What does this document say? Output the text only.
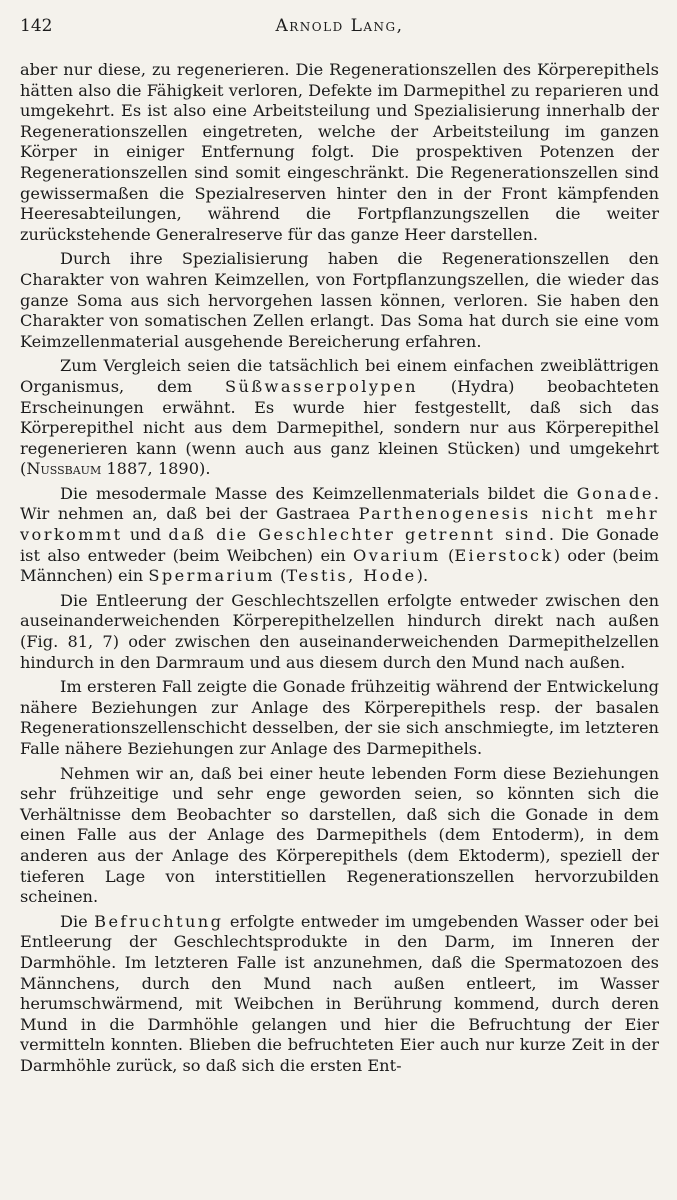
142	Arnold Lang,

aber nur diese, zu regenerieren. Die Regenerationszellen des Körperepithels hätten also die Fähigkeit verloren, Defekte im Darmepithel zu reparieren und umgekehrt. Es ist also eine Arbeitsteilung und Spezialisierung innerhalb der Regenerationszellen eingetreten, welche der Arbeitsteilung im ganzen Körper in einiger Entfernung folgt. Die prospektiven Potenzen der Regenerationszellen sind somit eingeschränkt. Die Regenerationszellen sind gewissermaßen die Spezialreserven hinter den in der Front kämpfenden Heeresabteilungen, während die Fortpflanzungszellen die weiter zurückstehende Generalreserve für das ganze Heer darstellen.

Durch ihre Spezialisierung haben die Regenerationszellen den Charakter von wahren Keimzellen, von Fortpflanzungszellen, die wieder das ganze Soma aus sich hervorgehen lassen können, verloren. Sie haben den Charakter von somatischen Zellen erlangt. Das Soma hat durch sie eine vom Keimzellenmaterial ausgehende Bereicherung erfahren.

Zum Vergleich seien die tatsächlich bei einem einfachen zweiblättrigen Organismus, dem Süßwasserpolypen (Hydra) beobachteten Erscheinungen erwähnt. Es wurde hier festgestellt, daß sich das Körperepithel nicht aus dem Darmepithel, sondern nur aus Körperepithel regenerieren kann (wenn auch aus ganz kleinen Stücken) und umgekehrt (Nussbaum 1887, 1890).

Die mesodermale Masse des Keimzellenmaterials bildet die Gonade. Wir nehmen an, daß bei der Gastraea Parthenogenesis nicht mehr vorkommt und daß die Geschlechter getrennt sind. Die Gonade ist also entweder (beim Weibchen) ein Ovarium (Eierstock) oder (beim Männchen) ein Spermarium (Testis, Hode).

Die Entleerung der Geschlechtszellen erfolgte entweder zwischen den auseinanderweichenden Körperepithelzellen hindurch direkt nach außen (Fig. 81, 7) oder zwischen den auseinanderweichenden Darmepithelzellen hindurch in den Darmraum und aus diesem durch den Mund nach außen.

Im ersteren Fall zeigte die Gonade frühzeitig während der Entwickelung nähere Beziehungen zur Anlage des Körperepithels resp. der basalen Regenerationszellenschicht desselben, der sie sich anschmiegte, im letzteren Falle nähere Beziehungen zur Anlage des Darmepithels.

Nehmen wir an, daß bei einer heute lebenden Form diese Beziehungen sehr frühzeitige und sehr enge geworden seien, so könnten sich die Verhältnisse dem Beobachter so darstellen, daß sich die Gonade in dem einen Falle aus der Anlage des Darmepithels (dem Entoderm), in dem anderen aus der Anlage des Körperepithels (dem Ektoderm), speziell der tieferen Lage von interstitiellen Regenerationszellen hervorzubilden scheinen.

Die Befruchtung erfolgte entweder im umgebenden Wasser oder bei Entleerung der Geschlechtsprodukte in den Darm, im Inneren der Darmhöhle. Im letzteren Falle ist anzunehmen, daß die Spermatozoen des Männchens, durch den Mund nach außen entleert, im Wasser herumschwärmend, mit Weibchen in Berührung kommend, durch deren Mund in die Darmhöhle gelangen und hier die Befruchtung der Eier vermitteln konnten. Blieben die befruchteten Eier auch nur kurze Zeit in der Darmhöhle zurück, so daß sich die ersten Ent-
